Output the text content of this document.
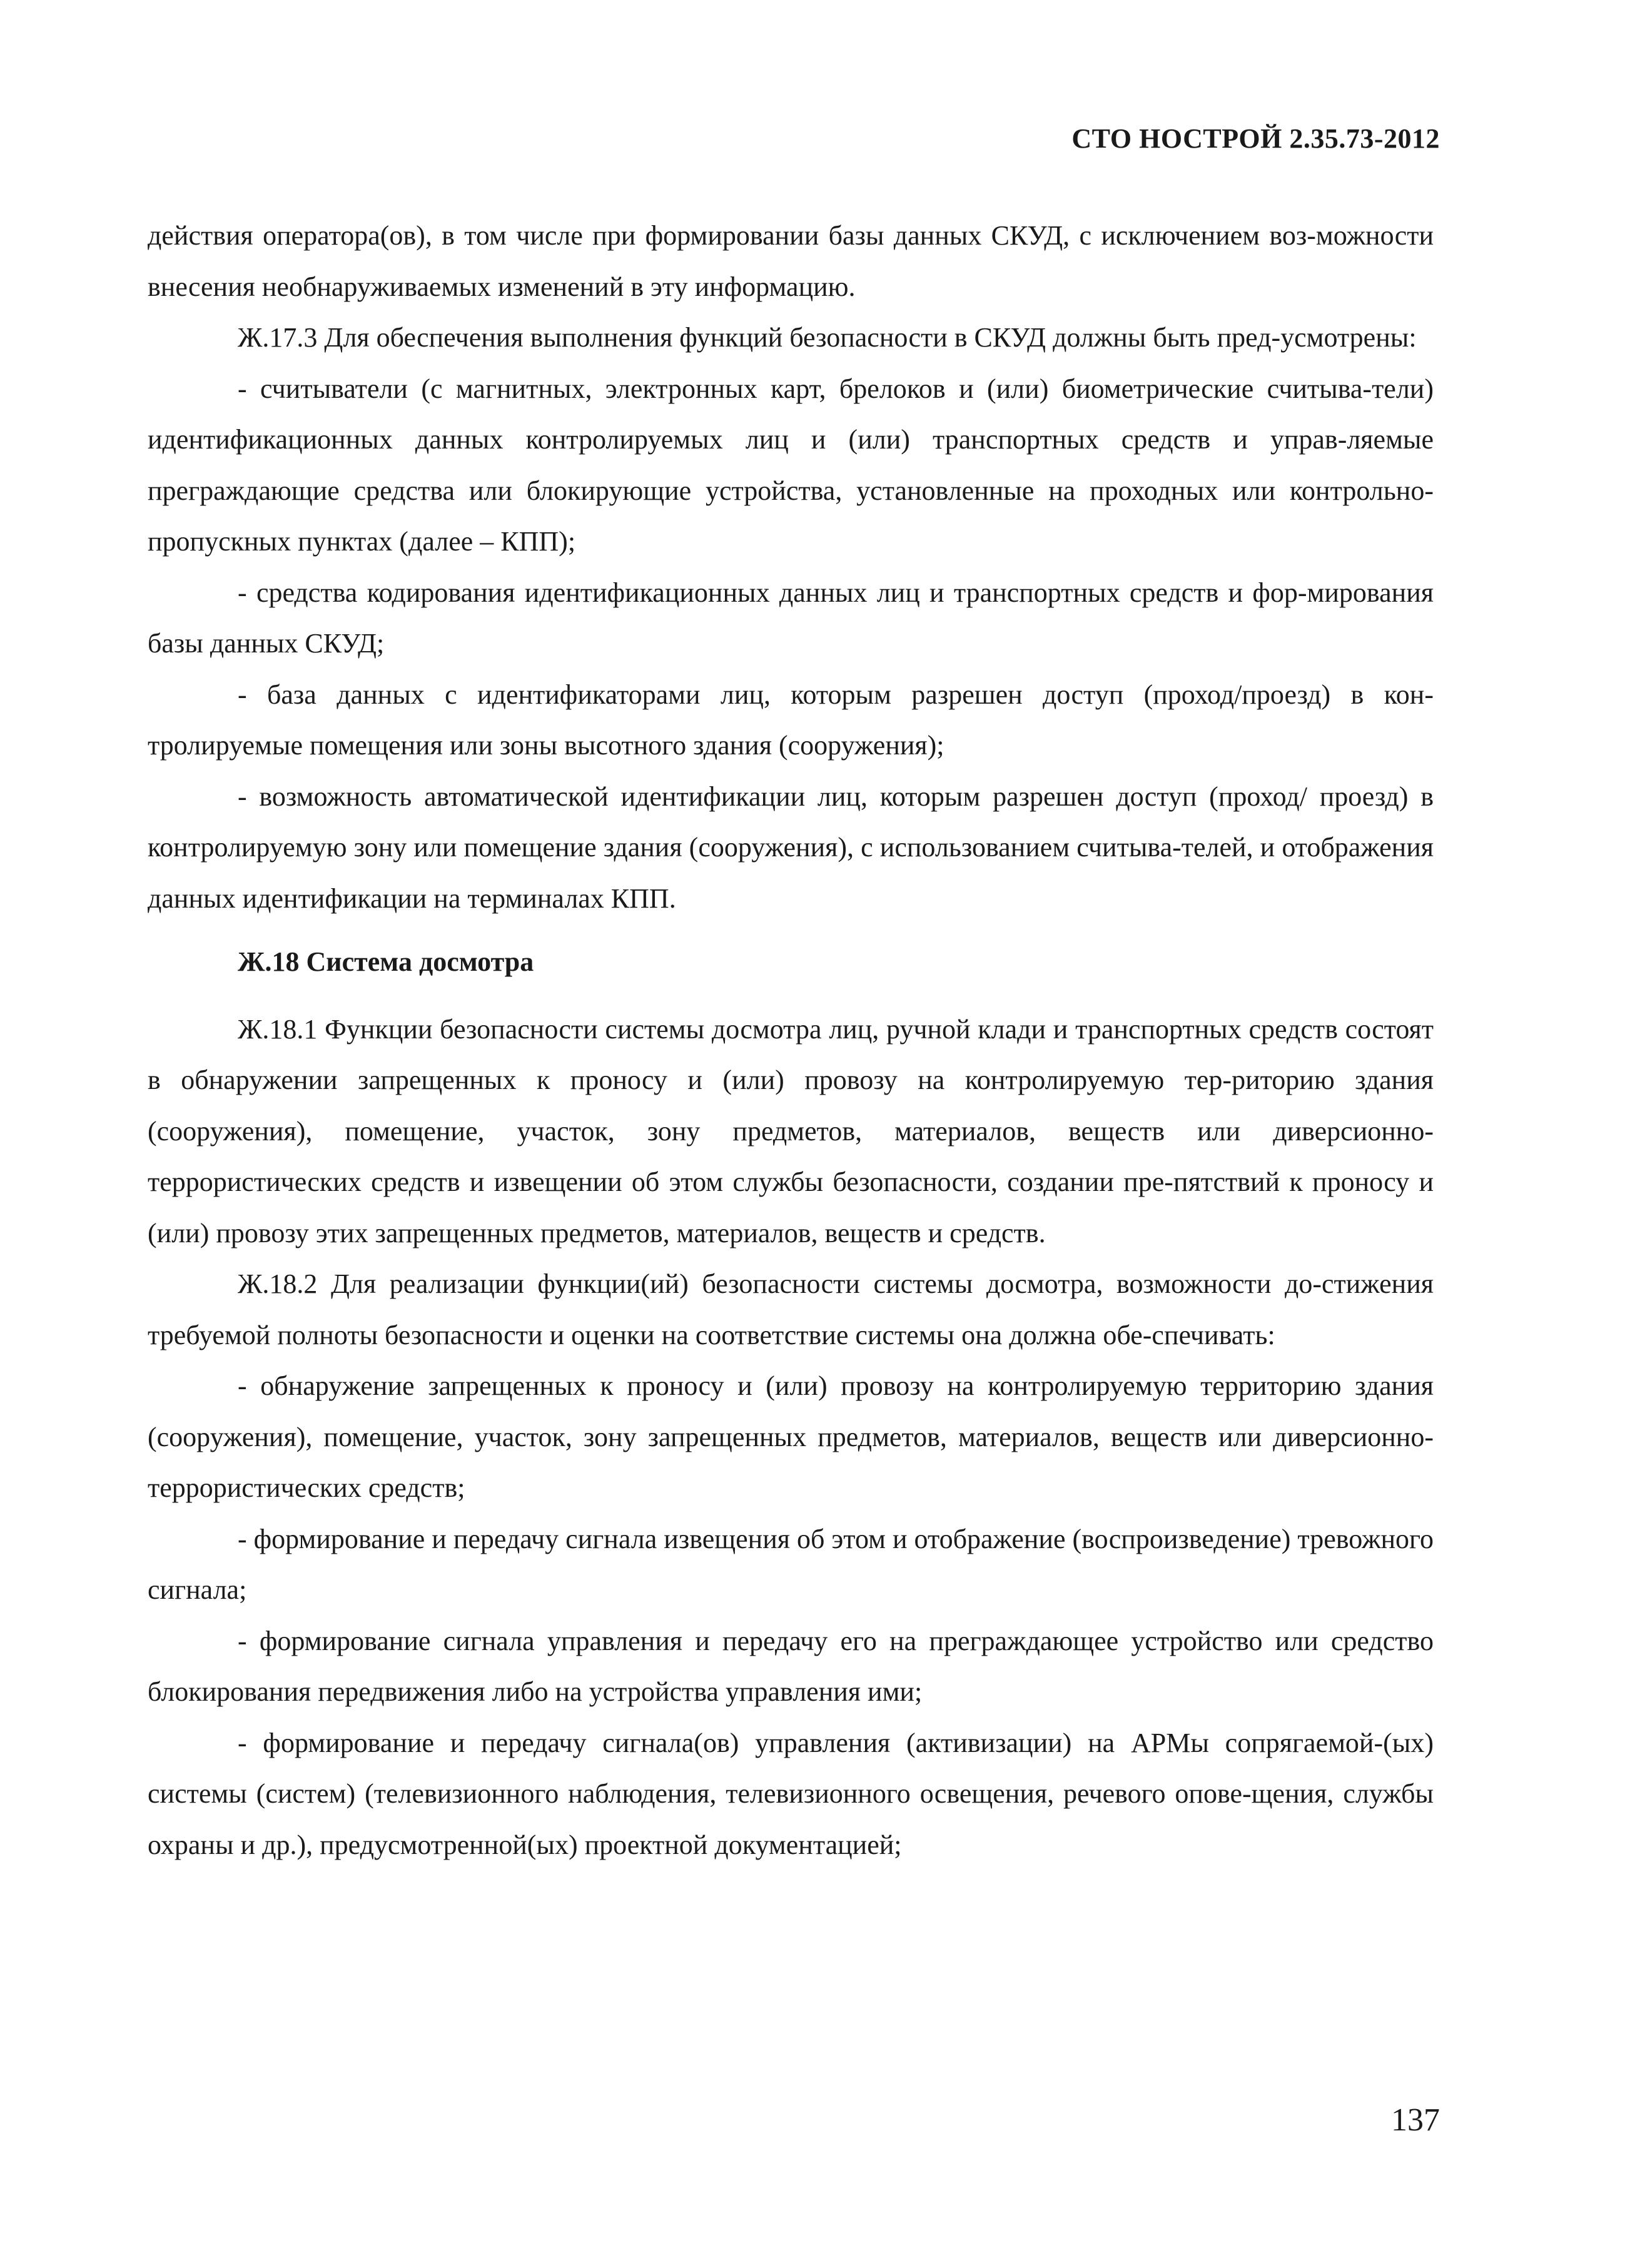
СТО НОСТРОЙ 2.35.73-2012

действия оператора(ов), в том числе при формировании базы данных СКУД, с исключением воз-можности внесения необнаруживаемых изменений в эту информацию.

Ж.17.3 Для обеспечения выполнения функций безопасности в СКУД должны быть пред-усмотрены:

- считыватели (с магнитных, электронных карт, брелоков и (или) биометрические считыва-тели) идентификационных данных контролируемых лиц и (или) транспортных средств и управ-ляемые преграждающие средства или блокирующие устройства, установленные на проходных или контрольно-пропускных пунктах (далее – КПП);

- средства кодирования идентификационных данных лиц и транспортных средств и фор-мирования базы данных СКУД;

- база данных с идентификаторами лиц, которым разрешен доступ (проход/проезд) в кон-тролируемые помещения или зоны высотного здания (сооружения);

- возможность автоматической идентификации лиц, которым разрешен доступ (проход/ проезд) в контролируемую зону или помещение здания (сооружения), с использованием считыва-телей, и отображения данных идентификации на терминалах КПП.

Ж.18 Система досмотра

Ж.18.1 Функции безопасности системы досмотра лиц, ручной клади и транспортных средств состоят в обнаружении запрещенных к проносу и (или) провозу на контролируемую тер-риторию здания (сооружения), помещение, участок, зону предметов, материалов, веществ или диверсионно-террористических средств и извещении об этом службы безопасности, создании пре-пятствий к проносу и (или) провозу этих запрещенных предметов, материалов, веществ и средств.

Ж.18.2 Для реализации функции(ий) безопасности системы досмотра, возможности до-стижения требуемой полноты безопасности и оценки на соответствие системы она должна обе-спечивать:

- обнаружение запрещенных к проносу и (или) провозу на контролируемую территорию здания (сооружения), помещение, участок, зону запрещенных предметов, материалов, веществ или диверсионно-террористических средств;

- формирование и передачу сигнала извещения об этом и отображение (воспроизведение) тревожного сигнала;

- формирование сигнала управления и передачу его на преграждающее устройство или средство блокирования передвижения либо на устройства управления ими;

- формирование и передачу сигнала(ов) управления (активизации) на АРМы сопрягаемой-(ых) системы (систем) (телевизионного наблюдения, телевизионного освещения, речевого опове-щения, службы охраны и др.), предусмотренной(ых) проектной документацией;

137
